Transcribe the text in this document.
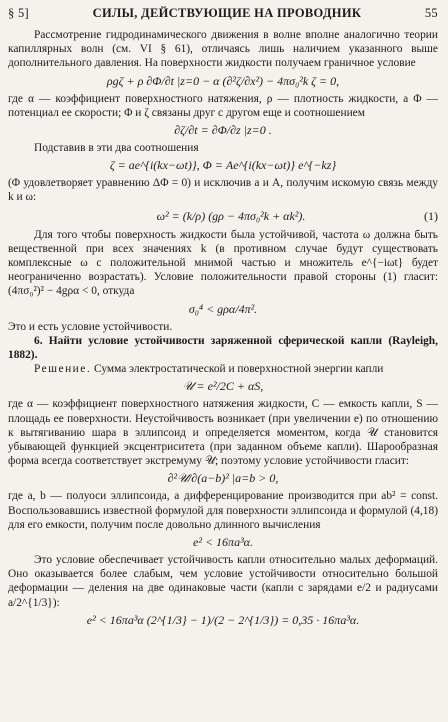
§ 5]	СИЛЫ, ДЕЙСТВУЮЩИЕ НА ПРОВОДНИК	55

Рассмотрение гидродинамического движения в волне вполне аналогично теории капиллярных волн (см. VI § 61), отличаясь лишь наличием указанного выше дополнительного давления. На поверхности жидкости получаем граничное условие

ρgζ + ρ ∂Φ/∂t |z=0 − α (∂²ζ/∂x²) − 4πσ₀²k ζ = 0,

где α — коэффициент поверхностного натяжения, ρ — плотность жидкости, а Φ — потенциал ее скорости; Φ и ζ связаны друг с другом еще и соотношением

∂ζ/∂t = ∂Φ/∂z |z=0 .

Подставив в эти два соотношения

ζ = ae^{i(kx−ωt)}, Φ = Ae^{i(kx−ωt)} e^{−kz}

(Φ удовлетворяет уравнению ΔΦ = 0) и исключив a и A, получим искомую связь между k и ω:

ω² = (k/ρ) (gρ − 4πσ₀²k + αk²).	(1)

Для того чтобы поверхность жидкости была устойчивой, частота ω должна быть вещественной при всех значениях k (в противном случае будут существовать комплексные ω с положительной мнимой частью и множитель e^{−iωt} будет неограниченно возрастать). Условие положительности правой стороны (1) гласит: (4πσ₀²)² − 4gρα < 0, откуда

σ₀⁴ < gρα/4π².

Это и есть условие устойчивости.

6. Найти условие устойчивости заряженной сферической капли (Rayleigh, 1882).

Решение. Сумма электростатической и поверхностной энергии капли

𝒰 = e²/2C + αS,

где α — коэффициент поверхностного натяжения жидкости, C — емкость капли, S — площадь ее поверхности. Неустойчивость возникает (при увеличении e) по отношению к вытягиванию шара в эллипсоид и определяется моментом, когда 𝒰 становится убывающей функцией эксцентриситета (при заданном объеме капли). Шарообразная форма всегда соответствует экстремуму 𝒰; поэтому условие устойчивости гласит:

∂²𝒰/∂(a−b)² |a=b > 0,

где a, b — полуоси эллипсоида, а дифференцирование производится при ab² = const. Воспользовавшись известной формулой для поверхности эллипсоида и формулой (4,18) для его емкости, получим после довольно длинного вычисления

e² < 16πa³α.

Это условие обеспечивает устойчивость капли относительно малых деформаций. Оно оказывается более слабым, чем условие устойчивости относительно большой деформации — деления на две одинаковые части (капли с зарядами e/2 и радиусами a/2^{1/3}):

e² < 16πa³α (2^{1/3} − 1)/(2 − 2^{1/3}) = 0,35 · 16πa³α.
